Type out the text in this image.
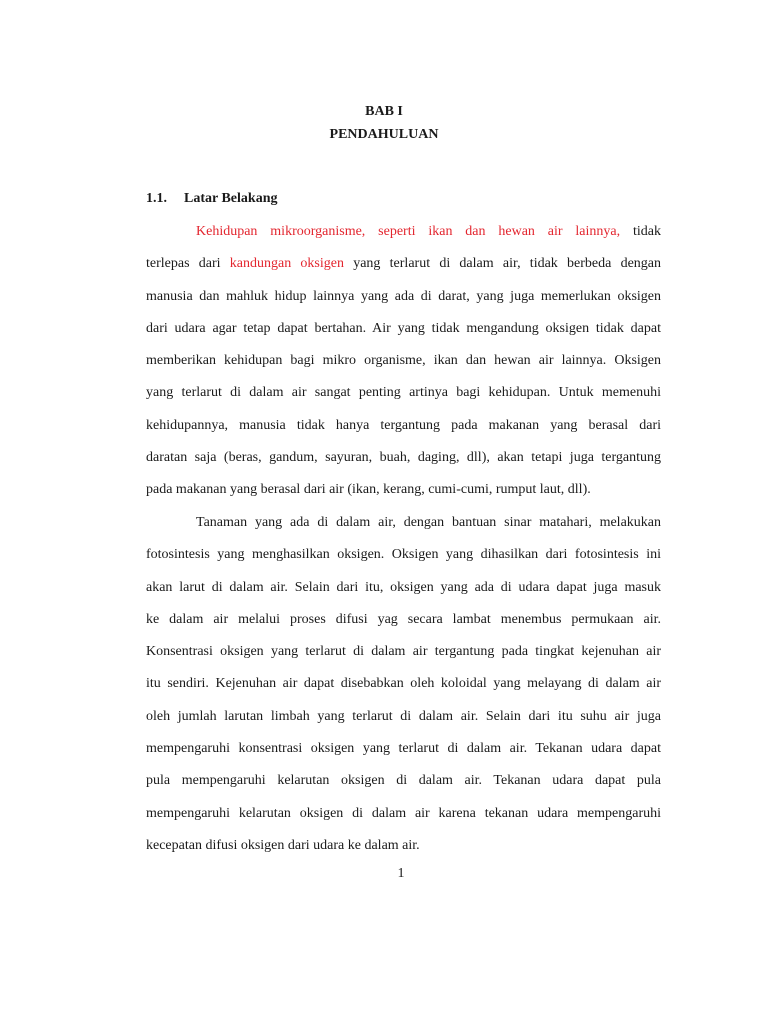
BAB I
PENDAHULUAN
1.1. Latar Belakang
Kehidupan mikroorganisme, seperti ikan dan hewan air lainnya, tidak
terlepas dari kandungan oksigen yang terlarut di dalam air, tidak berbeda dengan
manusia dan mahluk hidup lainnya yang ada di darat, yang juga memerlukan oksigen
dari udara agar tetap dapat bertahan. Air yang tidak mengandung oksigen tidak dapat
memberikan kehidupan bagi mikro organisme, ikan dan hewan air lainnya. Oksigen
yang terlarut di dalam air sangat penting artinya bagi kehidupan. Untuk memenuhi
kehidupannya, manusia tidak hanya tergantung pada makanan yang berasal dari
daratan saja (beras, gandum, sayuran, buah, daging, dll), akan tetapi juga tergantung
pada makanan yang berasal dari air (ikan, kerang, cumi-cumi, rumput laut, dll).
Tanaman yang ada di dalam air, dengan bantuan sinar matahari, melakukan
fotosintesis yang menghasilkan oksigen. Oksigen yang dihasilkan dari fotosintesis ini
akan larut di dalam air. Selain dari itu, oksigen yang ada di udara dapat juga masuk
ke dalam air melalui proses difusi yag secara lambat menembus permukaan air.
Konsentrasi oksigen yang terlarut di dalam air tergantung pada tingkat kejenuhan air
itu sendiri. Kejenuhan air dapat disebabkan oleh koloidal yang melayang di dalam air
oleh jumlah larutan limbah yang terlarut di dalam air. Selain dari itu suhu air juga
mempengaruhi konsentrasi oksigen yang terlarut di dalam air. Tekanan udara dapat
pula mempengaruhi kelarutan oksigen di dalam air. Tekanan udara dapat pula
mempengaruhi kelarutan oksigen di dalam air karena tekanan udara mempengaruhi
kecepatan difusi oksigen dari udara ke dalam air.
1
